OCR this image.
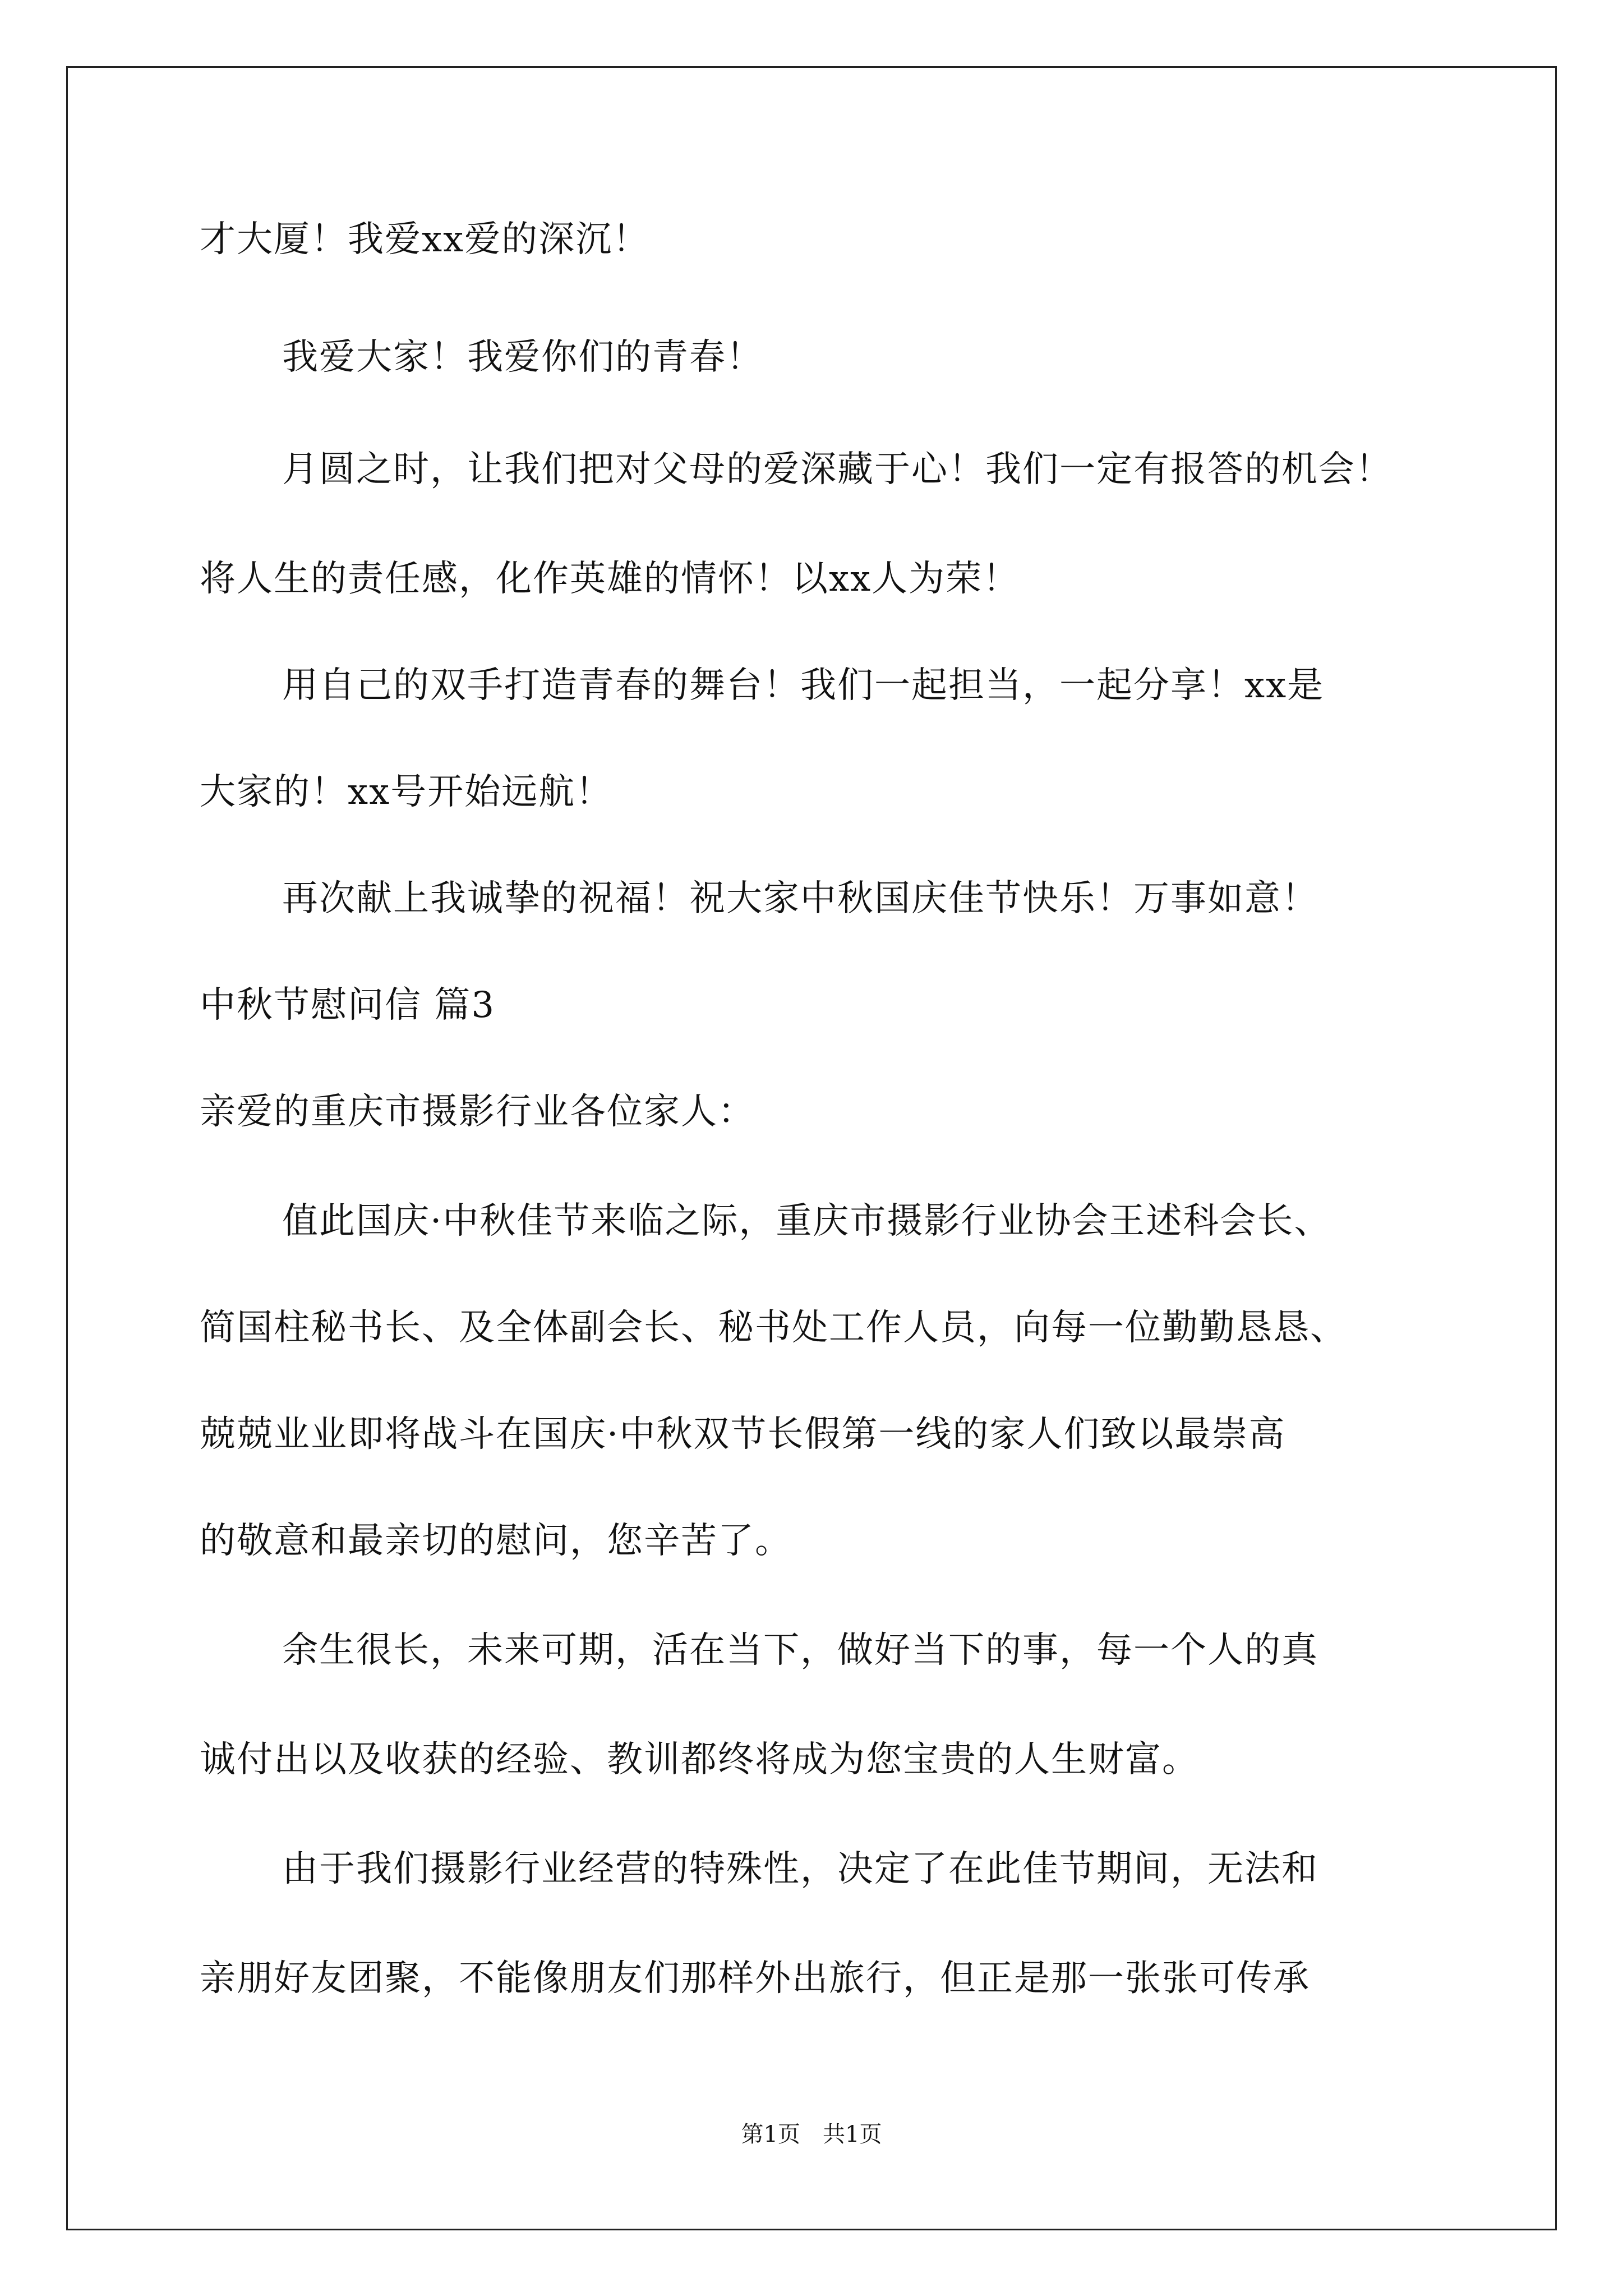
才大厦！我爱xx爱的深沉！
我爱大家！我爱你们的青春！
月圆之时，让我们把对父母的爱深藏于心！我们一定有报答的机会！
将人生的责任感，化作英雄的情怀！以xx人为荣！
用自己的双手打造青春的舞台！我们一起担当，一起分享！xx是
大家的！xx号开始远航！
再次献上我诚挚的祝福！祝大家中秋国庆佳节快乐！万事如意！
中秋节慰问信 篇3
亲爱的重庆市摄影行业各位家人：
值此国庆·中秋佳节来临之际，重庆市摄影行业协会王述科会长、
简国柱秘书长、及全体副会长、秘书处工作人员，向每一位勤勤恳恳、
兢兢业业即将战斗在国庆·中秋双节长假第一线的家人们致以最崇高
的敬意和最亲切的慰问，您辛苦了。
余生很长，未来可期，活在当下，做好当下的事，每一个人的真
诚付出以及收获的经验、教训都终将成为您宝贵的人生财富。
由于我们摄影行业经营的特殊性，决定了在此佳节期间，无法和
亲朋好友团聚，不能像朋友们那样外出旅行，但正是那一张张可传承
第1页　共1页
